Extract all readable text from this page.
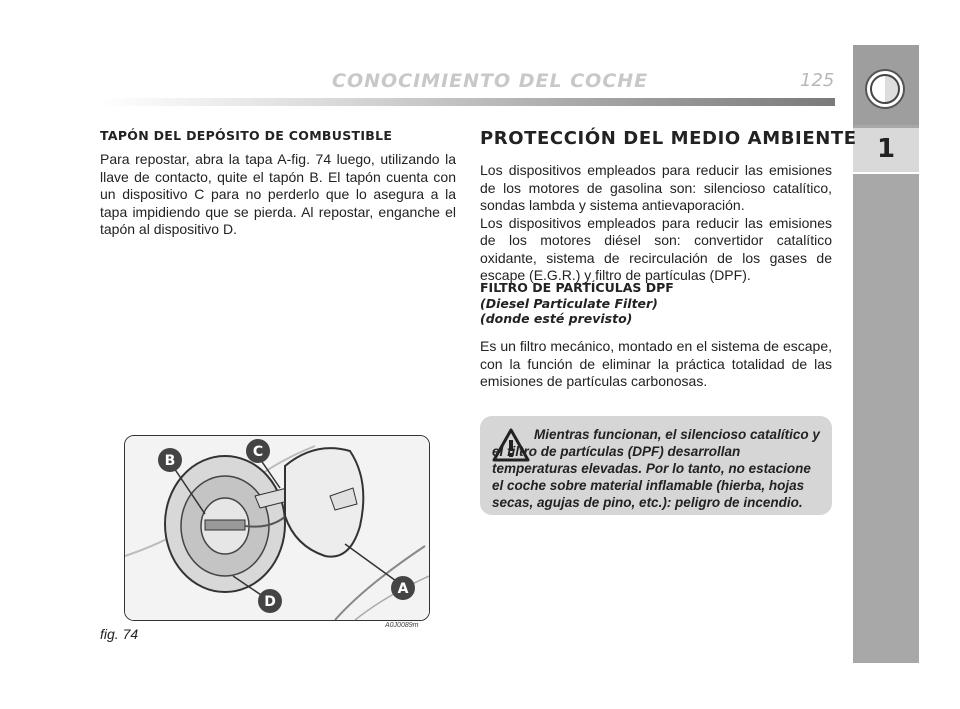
CONOCIMIENTO DEL COCHE	125
1
TAPÓN DEL DEPÓSITO DE COMBUSTIBLE
Para repostar, abra la tapa A-fig. 74 luego, utilizando la llave de contacto, quite el tapón B. El tapón cuenta con un dispositivo C para no perderlo que lo asegura a la tapa impidiendo que se pierda. Al repostar, enganche el tapón al dispositivo D.
B
C
D
A
fig. 74
A0J0089m
PROTECCIÓN DEL MEDIO AMBIENTE
Los dispositivos empleados para reducir las emisiones de los motores de gasolina son: silencioso catalítico, sondas lambda y sistema antievaporación.
Los dispositivos empleados para reducir las emisiones de los motores diésel son: convertidor catalítico oxidante, sistema de recirculación de los gases de escape (E.G.R.) y filtro de partículas (DPF).
FILTRO DE PARTÍCULAS DPF
(Diesel Particulate Filter)
(donde esté previsto)
Es un filtro mecánico, montado en el sistema de escape, con la función de eliminar la práctica totalidad de las emisiones de partículas carbonosas.
Mientras funcionan, el silencioso catalítico y el filtro de partículas (DPF) desarrollan temperaturas elevadas. Por lo tanto, no estacione el coche sobre material inflamable (hierba, hojas secas, agujas de pino, etc.): peligro de incendio.
